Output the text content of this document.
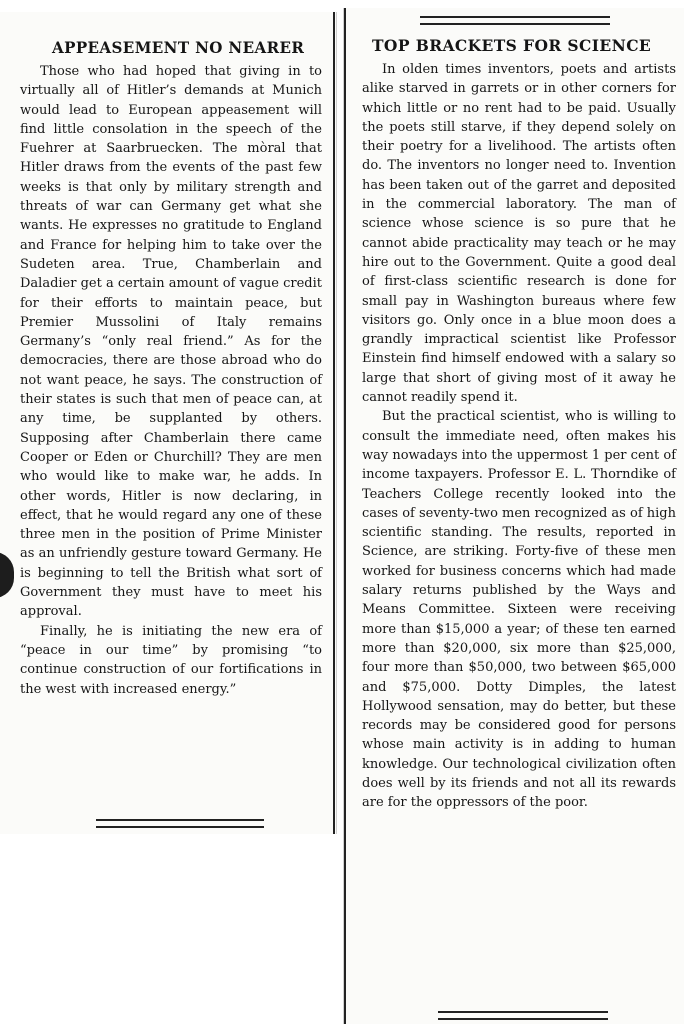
APPEASEMENT NO NEARER

Those who had hoped that giving in to virtually all of Hitler’s demands at Munich would lead to European appeasement will find little consolation in the speech of the Fuehrer at Saarbruecken. The mòral that Hitler draws from the events of the past few weeks is that only by military strength and threats of war can Germany get what she wants. He expresses no gratitude to England and France for helping him to take over the Sudeten area. True, Chamberlain and Daladier get a certain amount of vague credit for their efforts to maintain peace, but Premier Mussolini of Italy remains Germany’s “only real friend.” As for the democracies, there are those abroad who do not want peace, he says. The construction of their states is such that men of peace can, at any time, be supplanted by others. Supposing after Chamberlain there came Cooper or Eden or Churchill? They are men who would like to make war, he adds. In other words, Hitler is now declaring, in effect, that he would regard any one of these three men in the position of Prime Minister as an unfriendly gesture toward Germany. He is beginning to tell the British what sort of Government they must have to meet his approval.

Finally, he is initiating the new era of “peace in our time” by promising “to continue construction of our fortifications in the west with increased energy.”

TOP BRACKETS FOR SCIENCE

In olden times inventors, poets and artists alike starved in garrets or in other corners for which little or no rent had to be paid. Usually the poets still starve, if they depend solely on their poetry for a livelihood. The artists often do. The inventors no longer need to. Invention has been taken out of the garret and deposited in the commercial laboratory. The man of science whose science is so pure that he cannot abide practicality may teach or he may hire out to the Government. Quite a good deal of first-class scientific research is done for small pay in Washington bureaus where few visitors go. Only once in a blue moon does a grandly impractical scientist like Professor Einstein find himself endowed with a salary so large that short of giving most of it away he cannot readily spend it.

But the practical scientist, who is willing to consult the immediate need, often makes his way nowadays into the uppermost 1 per cent of income taxpayers. Professor E. L. Thorndike of Teachers College recently looked into the cases of seventy-two men recognized as of high scientific standing. The results, reported in Science, are striking. Forty-five of these men worked for business concerns which had made salary returns published by the Ways and Means Committee. Sixteen were receiving more than $15,000 a year; of these ten earned more than $20,000, six more than $25,000, four more than $50,000, two between $65,000 and $75,000. Dotty Dimples, the latest Hollywood sensation, may do better, but these records may be considered good for persons whose main activity is in adding to human knowledge. Our technological civilization often does well by its friends and not all its rewards are for the oppressors of the poor.
